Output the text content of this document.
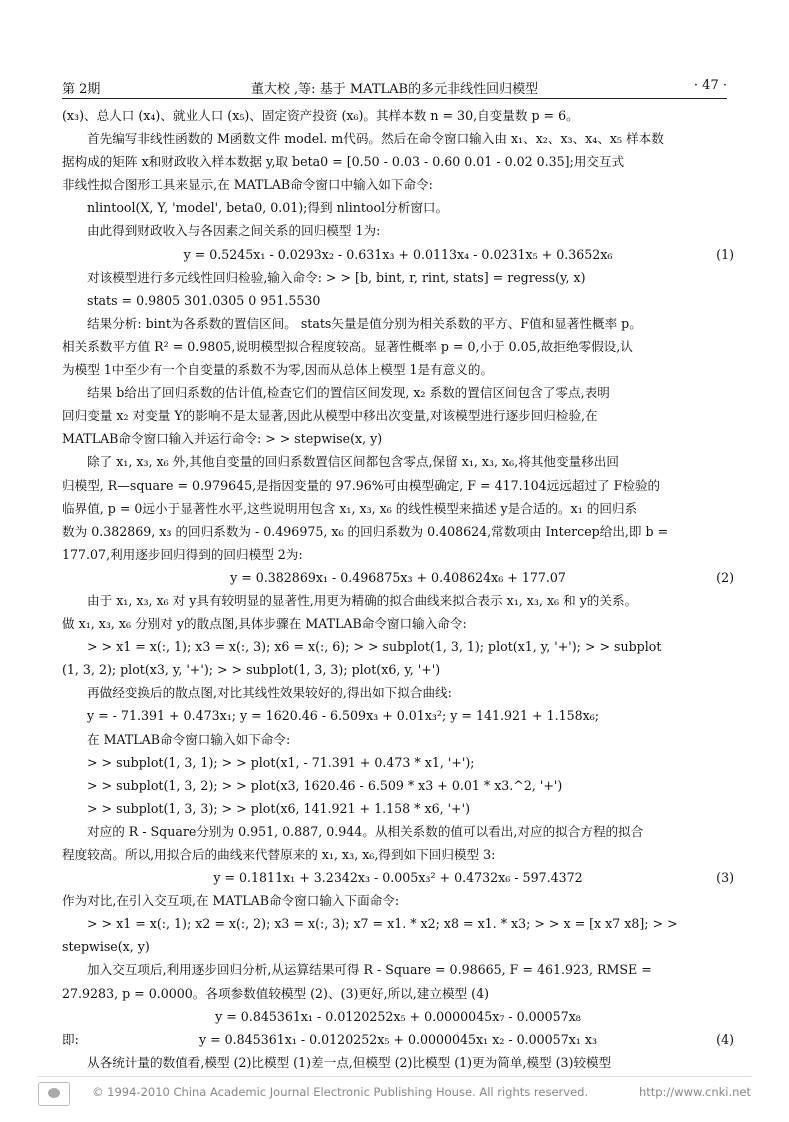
第 2期	董大校 ,等: 基于 MATLAB的多元非线性回归模型	· 47 ·
(x₃)、总人口 (x₄)、就业人口 (x₅)、固定资产投资 (x₆)。其样本数 n = 30,自变量数 p = 6。
首先编写非线性函数的 M函数文件 model. m代码。然后在命令窗口输入由 x₁、x₂、x₃、x₄、x₅ 样本数
据构成的矩阵 x和财政收入样本数据 y,取 beta0 = [0.50 - 0.03 - 0.60 0.01 - 0.02 0.35];用交互式
非线性拟合图形工具来显示,在 MATLAB命令窗口中输入如下命令:
nlintool(X, Y, 'model', beta0, 0.01);得到 nlintool分析窗口。
由此得到财政收入与各因素之间关系的回归模型 1为:
y = 0.5245x₁ - 0.0293x₂ - 0.631x₃ + 0.0113x₄ - 0.0231x₅ + 0.3652x₆	(1)
对该模型进行多元线性回归检验,输入命令: > > [b, bint, r, rint, stats] = regress(y, x)
stats = 0.9805 301.0305 0 951.5530
结果分析: bint为各系数的置信区间。 stats矢量是值分别为相关系数的平方、F值和显著性概率 p。
相关系数平方值 R² = 0.9805,说明模型拟合程度较高。显著性概率 p = 0,小于 0.05,故拒绝零假设,认
为模型 1中至少有一个自变量的系数不为零,因而从总体上模型 1是有意义的。
结果 b给出了回归系数的估计值,检查它们的置信区间发现, x₂ 系数的置信区间包含了零点,表明
回归变量 x₂ 对变量 Y的影响不是太显著,因此从模型中移出次变量,对该模型进行逐步回归检验,在
MATLAB命令窗口输入并运行命令: > > stepwise(x, y)
除了 x₁, x₃, x₆ 外,其他自变量的回归系数置信区间都包含零点,保留 x₁, x₃, x₆,将其他变量移出回
归模型, R—square = 0.979645,是指因变量的 97.96%可由模型确定, F = 417.104远远超过了 F检验的
临界值, p = 0远小于显著性水平,这些说明用包含 x₁, x₃, x₆ 的线性模型来描述 y是合适的。x₁ 的回归系
数为 0.382869, x₃ 的回归系数为 - 0.496975, x₆ 的回归系数为 0.408624,常数项由 Intercep给出,即 b =
177.07,利用逐步回归得到的回归模型 2为:
y = 0.382869x₁ - 0.496875x₃ + 0.408624x₆ + 177.07	(2)
由于 x₁, x₃, x₆ 对 y具有较明显的显著性,用更为精确的拟合曲线来拟合表示 x₁, x₃, x₆ 和 y的关系。
做 x₁, x₃, x₆ 分别对 y的散点图,具体步骤在 MATLAB命令窗口输入命令:
> > x1 = x(:, 1); x3 = x(:, 3); x6 = x(:, 6); > > subplot(1, 3, 1); plot(x1, y, '+'); > > subplot
(1, 3, 2); plot(x3, y, '+'); > > subplot(1, 3, 3); plot(x6, y, '+')
再做经变换后的散点图,对比其线性效果较好的,得出如下拟合曲线:
y = - 71.391 + 0.473x₁; y = 1620.46 - 6.509x₃ + 0.01x₃²; y = 141.921 + 1.158x₆;
在 MATLAB命令窗口输入如下命令:
> > subplot(1, 3, 1); > > plot(x1, - 71.391 + 0.473 * x1, '+');
> > subplot(1, 3, 2); > > plot(x3, 1620.46 - 6.509 * x3 + 0.01 * x3.^2, '+')
> > subplot(1, 3, 3); > > plot(x6, 141.921 + 1.158 * x6, '+')
对应的 R - Square分别为 0.951, 0.887, 0.944。从相关系数的值可以看出,对应的拟合方程的拟合
程度较高。所以,用拟合后的曲线来代替原来的 x₁, x₃, x₆,得到如下回归模型 3:
y = 0.1811x₁ + 3.2342x₃ - 0.005x₃² + 0.4732x₆ - 597.4372	(3)
作为对比,在引入交互项,在 MATLAB命令窗口输入下面命令:
> > x1 = x(:, 1); x2 = x(:, 2); x3 = x(:, 3); x7 = x1. * x2; x8 = x1. * x3; > > x = [x x7 x8]; > >
stepwise(x, y)
加入交互项后,利用逐步回归分析,从运算结果可得 R - Square = 0.98665, F = 461.923, RMSE =
27.9283, p = 0.0000。各项参数值较模型 (2)、(3)更好,所以,建立模型 (4)
y = 0.845361x₁ - 0.0120252x₅ + 0.0000045x₇ - 0.00057x₈
即:	y = 0.845361x₁ - 0.0120252x₅ + 0.0000045x₁ x₂ - 0.00057x₁ x₃	(4)
从各统计量的数值看,模型 (2)比模型 (1)差一点,但模型 (2)比模型 (1)更为简单,模型 (3)较模型
© 1994-2010 China Academic Journal Electronic Publishing House. All rights reserved.	http://www.cnki.net
